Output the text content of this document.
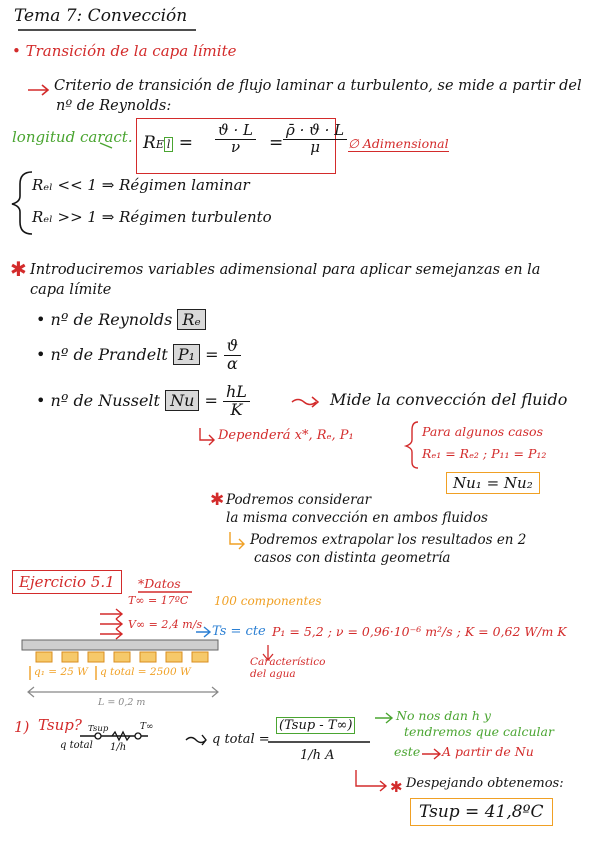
✱
✱
✱
Tema 7: Convección
• Transición de la capa límite
Criterio de transición de flujo laminar a turbulento, se mide a partir del
nº de Reynolds:
longitud caract. RE $l = \frac{ϑ \cdot L}{\nu} = \frac{\rhō \cdot ϑ \cdot L}{\mu}$ ∅ Adimensional
Rₑₗ << 1 ⇒ Régimen laminar
Rₑₗ >> 1 ⇒ Régimen turbulento
Introduciremos variables adimensional para aplicar semejanzas en la
capa límite
• nº de Reynolds Rₑ
• nº de Prandelt $P_1 = \frac{ϑ}{\alpha}$
• nº de Nusselt $Nu = \frac{hL}{K}$	Mide la convección del fluido
Dependerá x*, Rₑ, P₁	Para algunos casos
Rₑ₁ = Rₑ₂ ; P₁₁ = P₁₂
Nu₁ = Nu₂
Podremos considerar
la misma convección en ambos fluidos
Podremos extrapolar los resultados en 2
casos con distinta geometría
Ejercicio 5.1	*Datos
T∞ = 17ºC
V∞ = 2,4 m/s
100 componentes
Ts = cte P₁ = 5,2 ; ν = 0,96·10⁻⁶ m²/s ; K = 0,62 W/m K
Característico
del agua
q₁ = 25 W q total = 2500 W
L = 0,2 m
1) Tsup?
q total
Tsup
1/h
T∞
q total =
(Tsup - T∞)
1/h A
No nos dan h y
tendremos que calcular
este A partir de Nu
Despejando obtenemos:
Tsup = 41,8ºC
